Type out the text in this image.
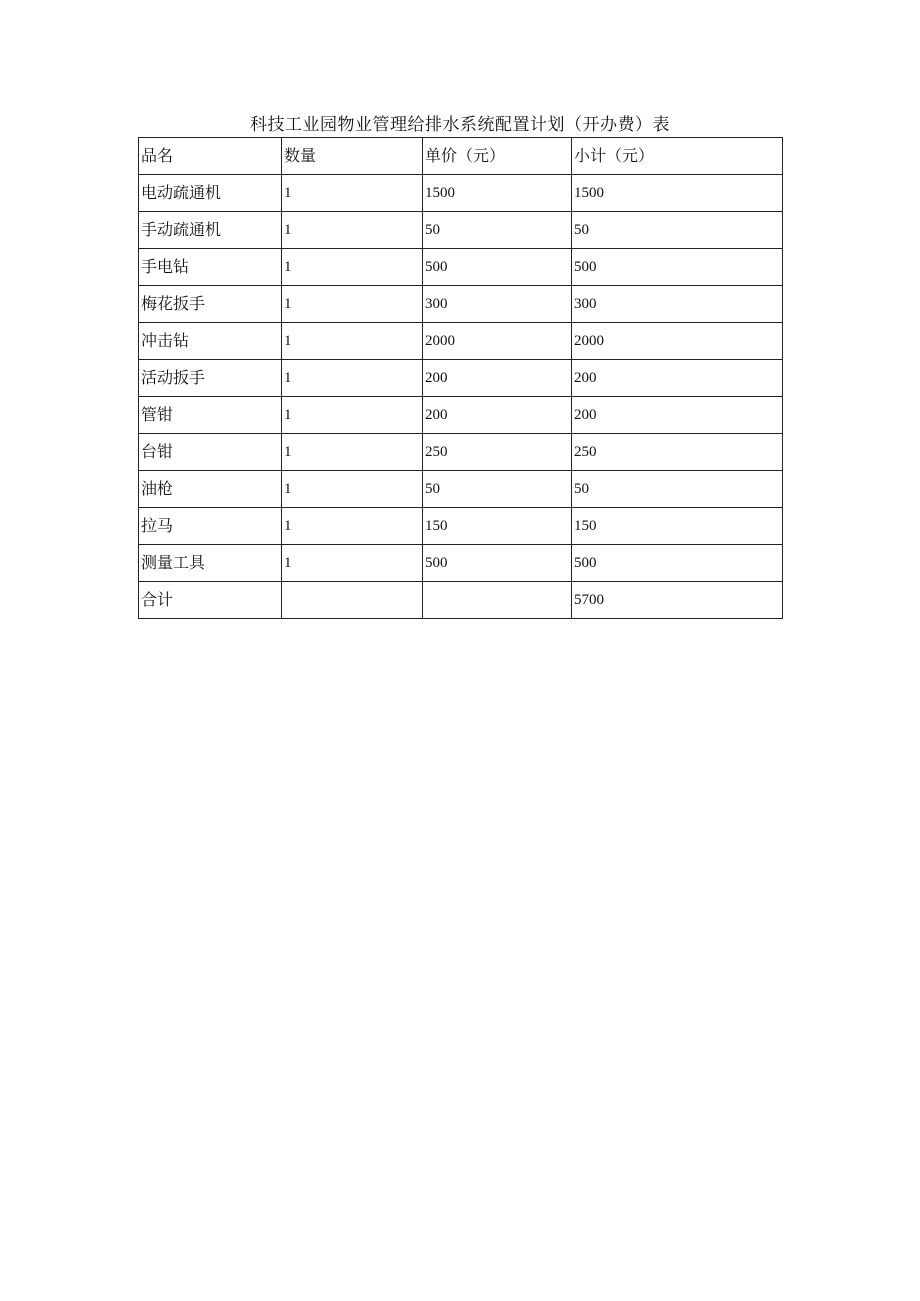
科技工业园物业管理给排水系统配置计划（开办费）表
品名	数量	单价（元）	小计（元）
电动疏通机	1	1500	1500
手动疏通机	1	50	50
手电钻	1	500	500
梅花扳手	1	300	300
冲击钻	1	2000	2000
活动扳手	1	200	200
管钳	1	200	200
台钳	1	250	250
油枪	1	50	50
拉马	1	150	150
测量工具	1	500	500
合计			5700
